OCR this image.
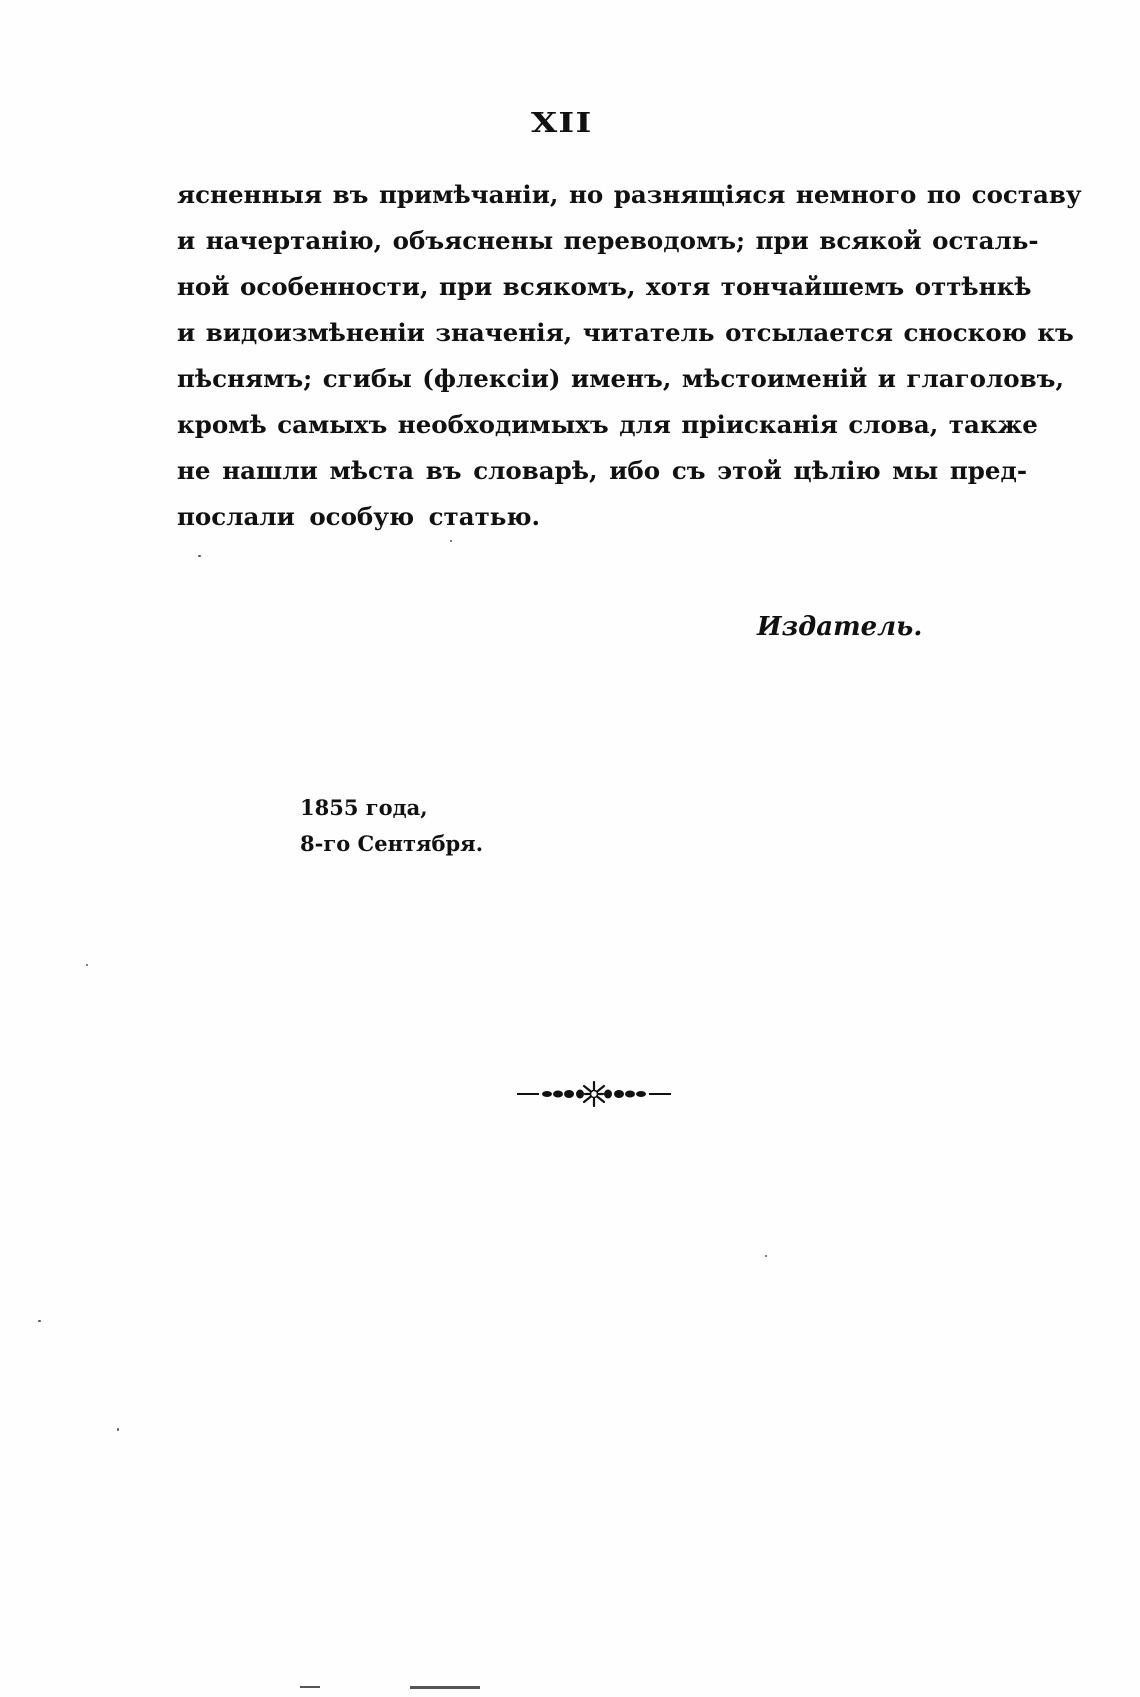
XII
ясненныя въ примѣчаніи, но разнящіяся немного по составу
и начертанію, объяснены переводомъ; при всякой осталь-
ной особенности, при всякомъ, хотя тончайшемъ оттѣнкѣ
и видоизмѣненіи значенія, читатель отсылается сноскою къ
пѣснямъ; сгибы (флексіи) именъ, мѣстоименій и глаголовъ,
кромѣ самыхъ необходимыхъ для пріисканія слова, также
не нашли мѣста въ словарѣ, ибо съ этой цѣлію мы пред-
послали особую статью.
Издатель.
1855 года,
8-го Сентября.
